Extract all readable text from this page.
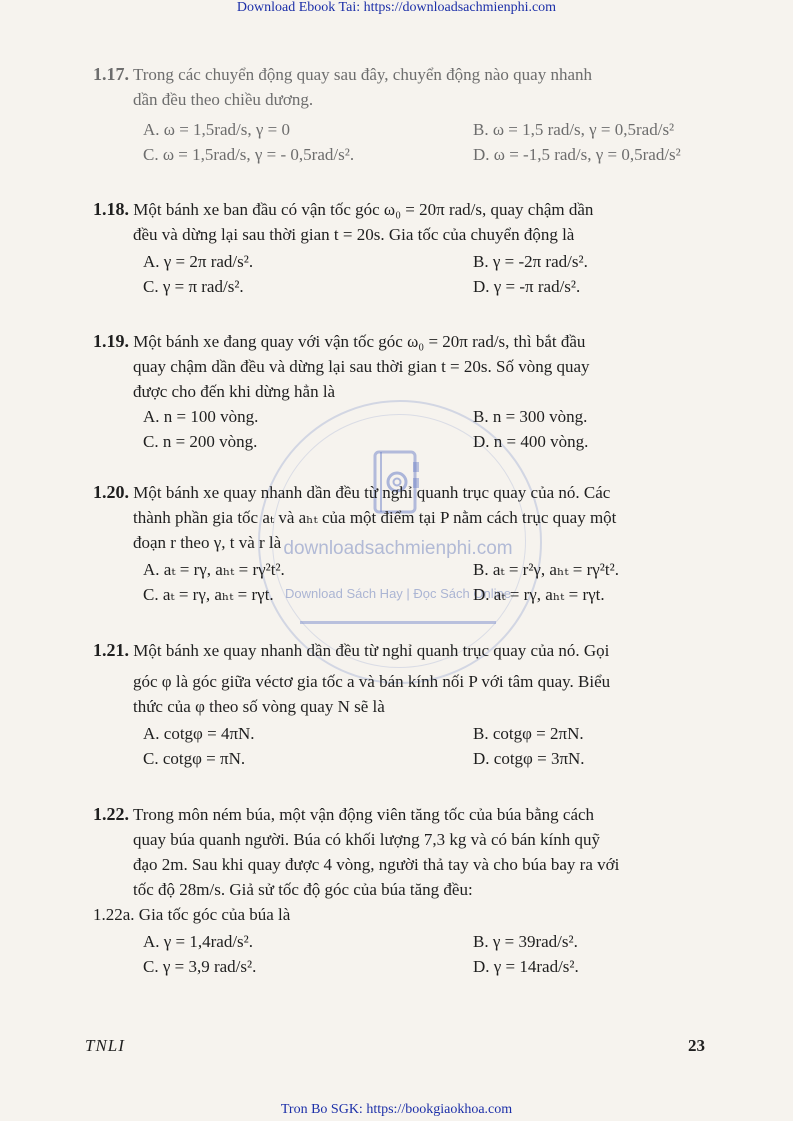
Download Ebook Tai: https://downloadsachmienphi.com
downloadsachmienphi.com
Download Sách Hay | Đọc Sách Online
1.17. Trong các chuyển động quay sau đây, chuyển động nào quay nhanh
dần đều theo chiều dương.
A. ω = 1,5rad/s, γ = 0	B. ω = 1,5 rad/s, γ = 0,5rad/s²
C. ω = 1,5rad/s, γ = - 0,5rad/s².	D. ω = -1,5 rad/s, γ = 0,5rad/s²
1.18. Một bánh xe ban đầu có vận tốc góc ω₀ = 20π rad/s, quay chậm dần
đều và dừng lại sau thời gian t = 20s. Gia tốc của chuyển động là
A. γ = 2π rad/s².	B. γ = -2π rad/s².
C. γ = π rad/s².	D. γ = -π rad/s².
1.19. Một bánh xe đang quay với vận tốc góc ω₀ = 20π rad/s, thì bắt đầu
quay chậm dần đều và dừng lại sau thời gian t = 20s. Số vòng quay
được cho đến khi dừng hẳn là
A. n = 100 vòng.	B. n = 300 vòng.
C. n = 200 vòng.	D. n = 400 vòng.
1.20. Một bánh xe quay nhanh dần đều từ nghỉ quanh trục quay của nó. Các
thành phần gia tốc aₜ và aₕₜ của một điểm tại P nằm cách trục quay một
đoạn r theo γ, t và r là
A. aₜ = rγ, aₕₜ = rγ²t².	B. aₜ = r²γ, aₕₜ = rγ²t².
C. aₜ = rγ, aₕₜ = rγt.	D. aₜ = rγ, aₕₜ = rγt.
1.21. Một bánh xe quay nhanh dần đều từ nghỉ quanh trục quay của nó. Gọi
góc φ là góc giữa véctơ gia tốc a và bán kính nối P với tâm quay. Biểu
thức của φ theo số vòng quay N sẽ là
A. cotgφ = 4πN.	B. cotgφ = 2πN.
C. cotgφ = πN.	D. cotgφ = 3πN.
1.22. Trong môn ném búa, một vận động viên tăng tốc của búa bằng cách
quay búa quanh người. Búa có khối lượng 7,3 kg và có bán kính quỹ
đạo 2m. Sau khi quay được 4 vòng, người thả tay và cho búa bay ra với
tốc độ 28m/s. Giả sử tốc độ góc của búa tăng đều:
1.22a. Gia tốc góc của búa là
A. γ = 1,4rad/s².	B. γ = 39rad/s².
C. γ = 3,9 rad/s².	D. γ = 14rad/s².
TNLI	23
Tron Bo SGK: https://bookgiaokhoa.com
